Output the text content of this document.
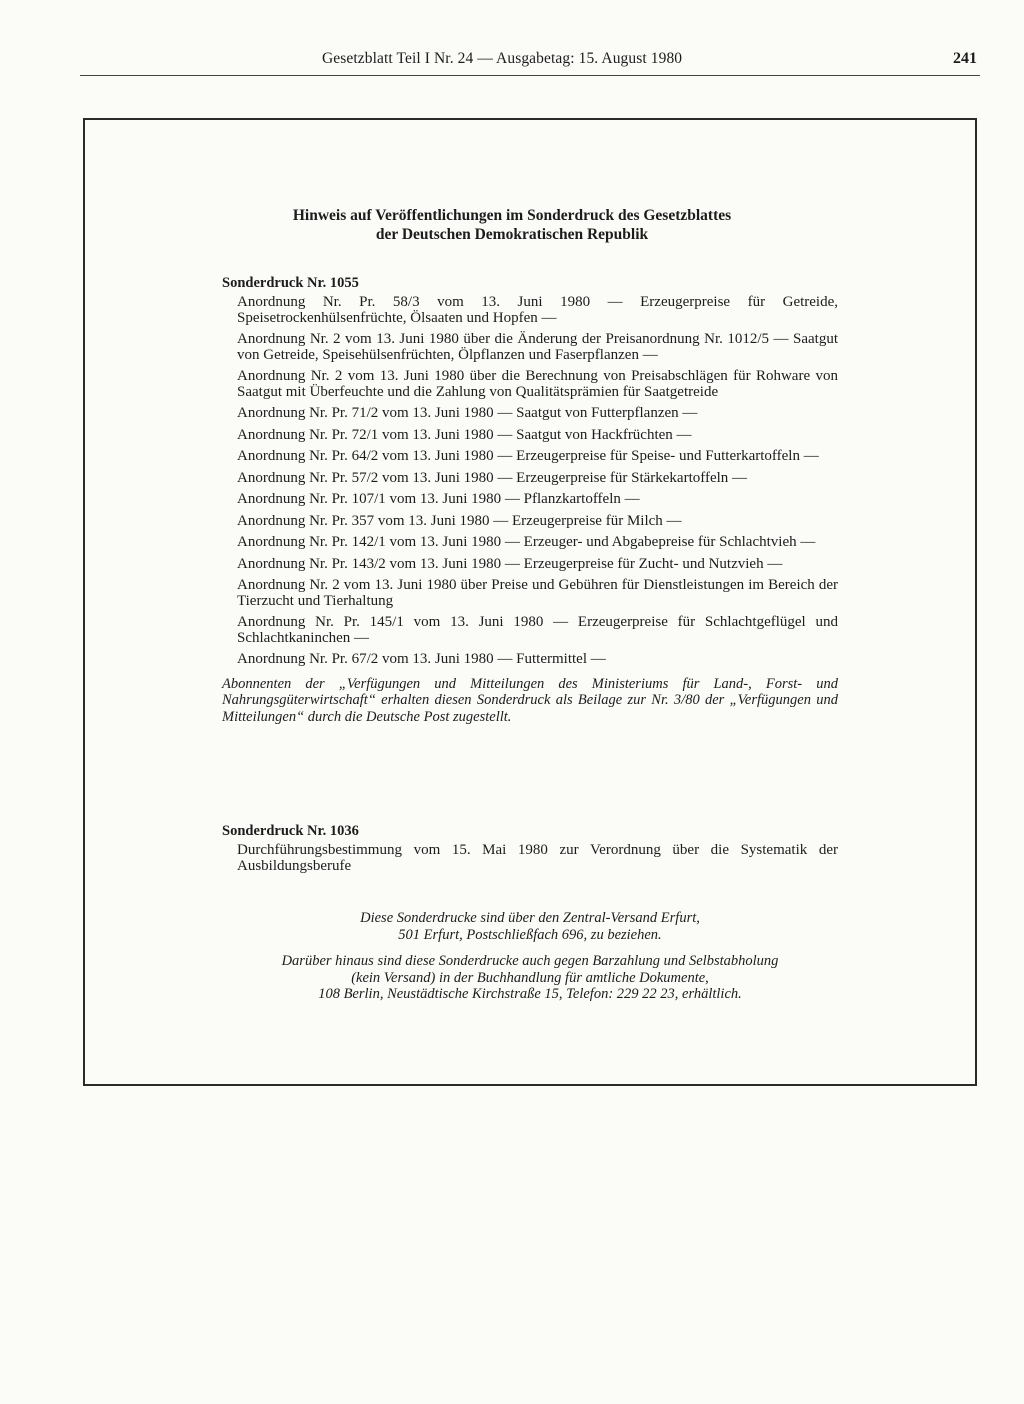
Gesetzblatt Teil I Nr. 24 — Ausgabetag: 15. August 1980	241
Hinweis auf Veröffentlichungen im Sonderdruck des Gesetzblattes
der Deutschen Demokratischen Republik
Sonderdruck Nr. 1055
Anordnung Nr. Pr. 58/3 vom 13. Juni 1980 — Erzeugerpreise für Getreide, Speisetrockenhülsenfrüchte, Ölsaaten und Hopfen —
Anordnung Nr. 2 vom 13. Juni 1980 über die Änderung der Preisanordnung Nr. 1012/5 — Saatgut von Getreide, Speisehülsenfrüchten, Ölpflanzen und Faserpflanzen —
Anordnung Nr. 2 vom 13. Juni 1980 über die Berechnung von Preisabschlägen für Rohware von Saatgut mit Überfeuchte und die Zahlung von Qualitätsprämien für Saatgetreide
Anordnung Nr. Pr. 71/2 vom 13. Juni 1980 — Saatgut von Futterpflanzen —
Anordnung Nr. Pr. 72/1 vom 13. Juni 1980 — Saatgut von Hackfrüchten —
Anordnung Nr. Pr. 64/2 vom 13. Juni 1980 — Erzeugerpreise für Speise- und Futterkartoffeln —
Anordnung Nr. Pr. 57/2 vom 13. Juni 1980 — Erzeugerpreise für Stärkekartoffeln —
Anordnung Nr. Pr. 107/1 vom 13. Juni 1980 — Pflanzkartoffeln —
Anordnung Nr. Pr. 357 vom 13. Juni 1980 — Erzeugerpreise für Milch —
Anordnung Nr. Pr. 142/1 vom 13. Juni 1980 — Erzeuger- und Abgabepreise für Schlachtvieh —
Anordnung Nr. Pr. 143/2 vom 13. Juni 1980 — Erzeugerpreise für Zucht- und Nutzvieh —
Anordnung Nr. 2 vom 13. Juni 1980 über Preise und Gebühren für Dienstleistungen im Bereich der Tierzucht und Tierhaltung
Anordnung Nr. Pr. 145/1 vom 13. Juni 1980 — Erzeugerpreise für Schlachtgeflügel und Schlachtkaninchen —
Anordnung Nr. Pr. 67/2 vom 13. Juni 1980 — Futtermittel —
Abonnenten der „Verfügungen und Mitteilungen des Ministeriums für Land-, Forst- und Nahrungsgüterwirtschaft“ erhalten diesen Sonderdruck als Beilage zur Nr. 3/80 der „Verfügungen und Mitteilungen“ durch die Deutsche Post zugestellt.
Sonderdruck Nr. 1036
Durchführungsbestimmung vom 15. Mai 1980 zur Verordnung über die Systematik der Ausbildungsberufe

Diese Sonderdrucke sind über den Zentral-Versand Erfurt,
501 Erfurt, Postschließfach 696, zu beziehen.

Darüber hinaus sind diese Sonderdrucke auch gegen Barzahlung und Selbstabholung
(kein Versand) in der Buchhandlung für amtliche Dokumente,
108 Berlin, Neustädtische Kirchstraße 15, Telefon: 229 22 23, erhältlich.
